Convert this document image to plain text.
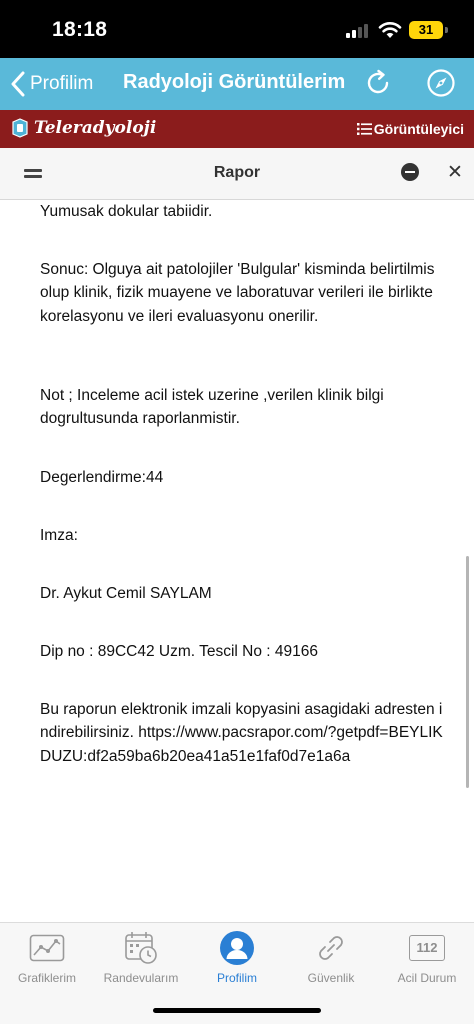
18:18	31
Profilim Radyoloji Görüntülerim
Teleradyoloji	Görüntüleyici
Rapor	✕

Yumusak dokular tabiidir.

Sonuc: Olguya ait patolojiler 'Bulgular' kisminda belirtilmis olup klinik, fizik muayene ve laboratuvar verileri ile birlikte korelasyonu ve ileri evaluasyonu onerilir.

Not ; Inceleme acil istek uzerine ,verilen klinik bilgi dogrultusunda raporlanmistir.

Degerlendirme:44

Imza:

Dr. Aykut Cemil SAYLAM

Dip no : 89CC42 Uzm. Tescil No : 49166

Bu raporun elektronik imzali kopyasini asagidaki adresten indirebilirsiniz. https://www.pacsrapor.com/?getpdf=BEYLIKDUZU:df2a59ba6b20ea41a51e1faf0d7e1a6a

Grafiklerim	Randevularım	Profilim	Güvenlik
112
Acil Durum
